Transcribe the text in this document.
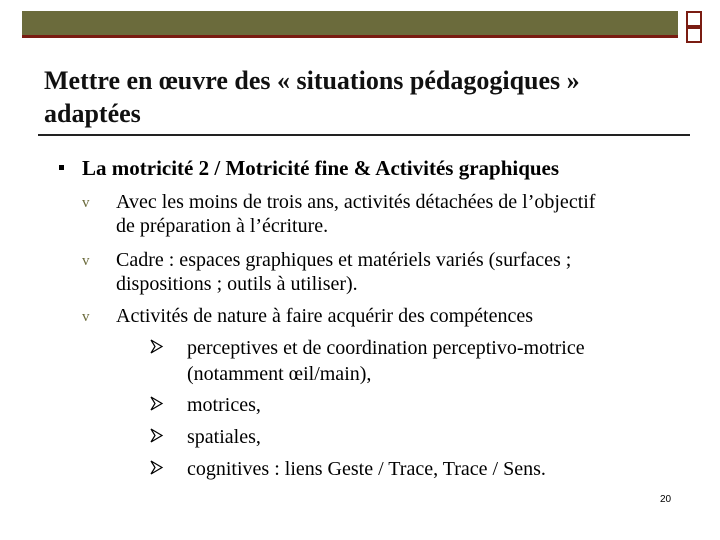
Mettre en œuvre des « situations pédagogiques »
adaptées
La motricité 2 / Motricité fine & Activités graphiques
v Avec les moins de trois ans, activités détachées de l’objectif
de préparation à l’écriture.
v Cadre : espaces graphiques et matériels variés (surfaces ;
dispositions ; outils à utiliser).
v Activités de nature à faire acquérir des compétences
perceptives et de coordination perceptivo-motrice
(notamment œil/main),
motrices,
spatiales,
cognitives : liens Geste / Trace, Trace / Sens.
20
